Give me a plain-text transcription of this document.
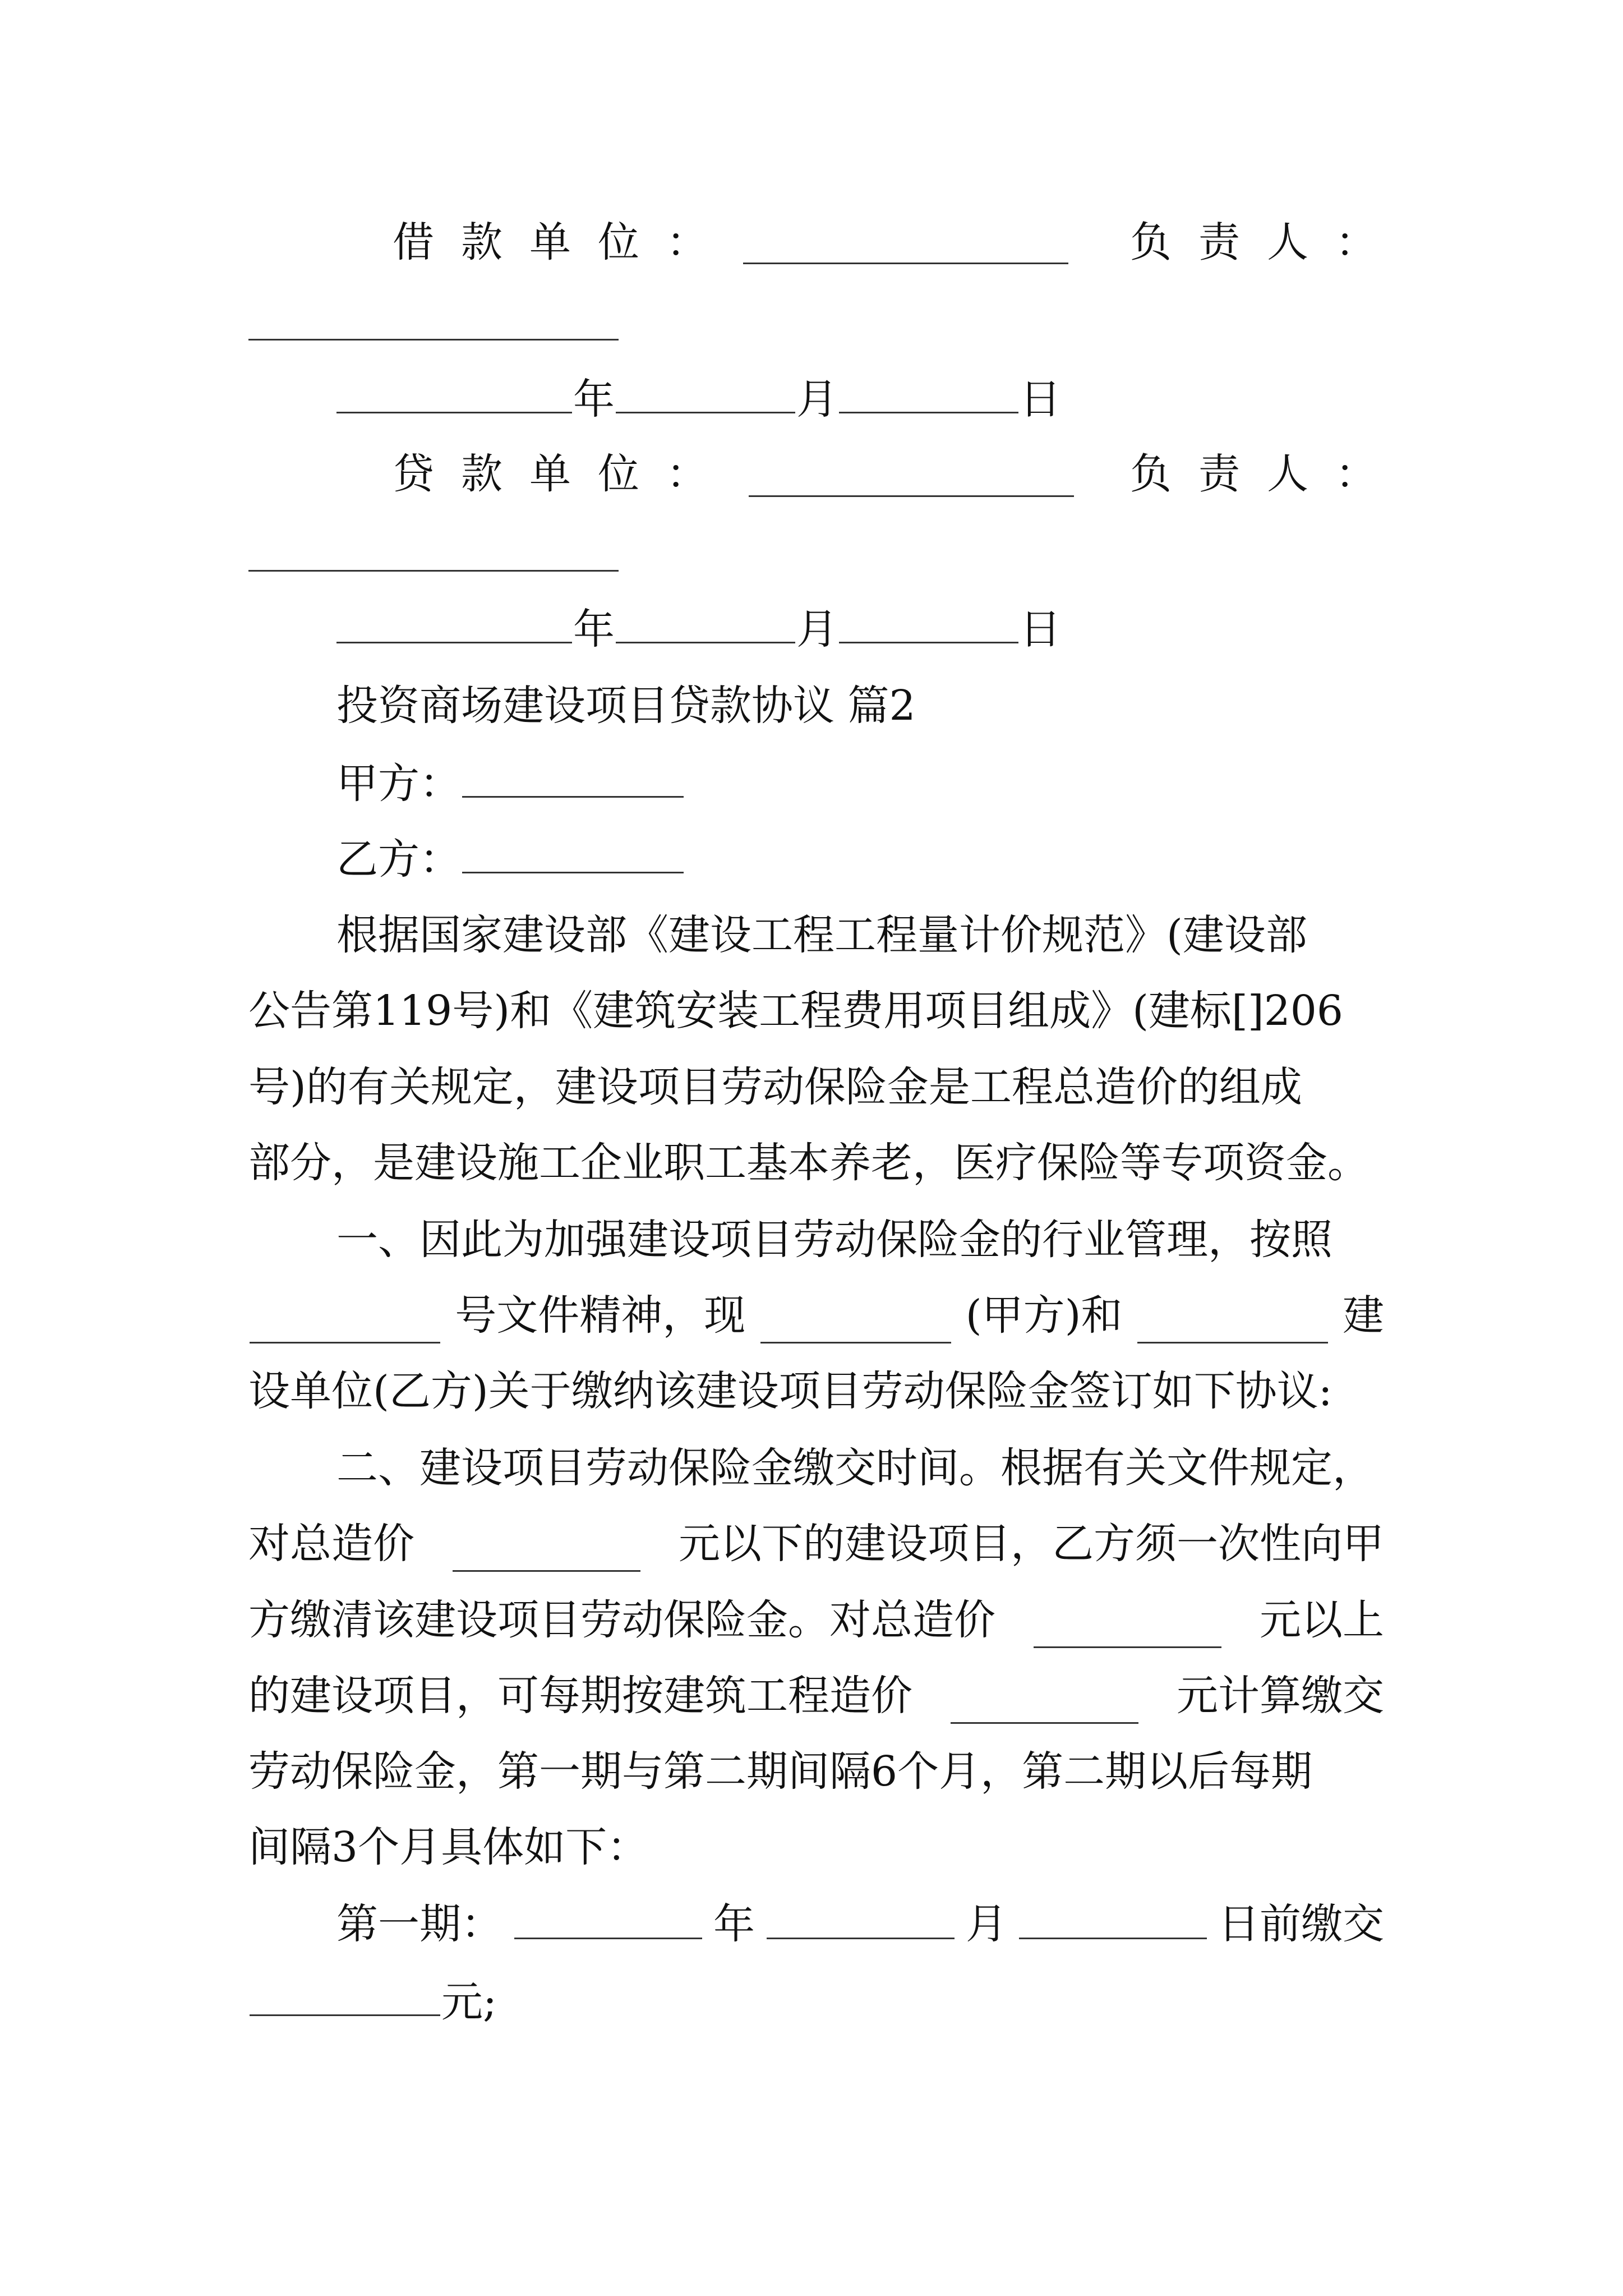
借款单位：	负责人：
年	月	日
贷款单位：	负责人：
年	月	日
投资商场建设项目贷款协议 篇2
甲方：
乙方：
根据国家建设部《建设工程工程量计价规范》(建设部
公告第119号)和《建筑安装工程费用项目组成》(建标[]206
号)的有关规定，建设项目劳动保险金是工程总造价的组成
部分，是建设施工企业职工基本养老，医疗保险等专项资金。
一、因此为加强建设项目劳动保险金的行业管理，按照
号文件精神，现	(甲方)和	建
设单位(乙方)关于缴纳该建设项目劳动保险金签订如下协议:
二、建设项目劳动保险金缴交时间。根据有关文件规定，
对总造价	元以下的建设项目，乙方须一次性向甲
方缴清该建设项目劳动保险金。对总造价	元以上
的建设项目，可每期按建筑工程造价	元计算缴交
劳动保险金，第一期与第二期间隔6个月，第二期以后每期
间隔3个月具体如下：
第一期：	年	月	日前缴交
元;
